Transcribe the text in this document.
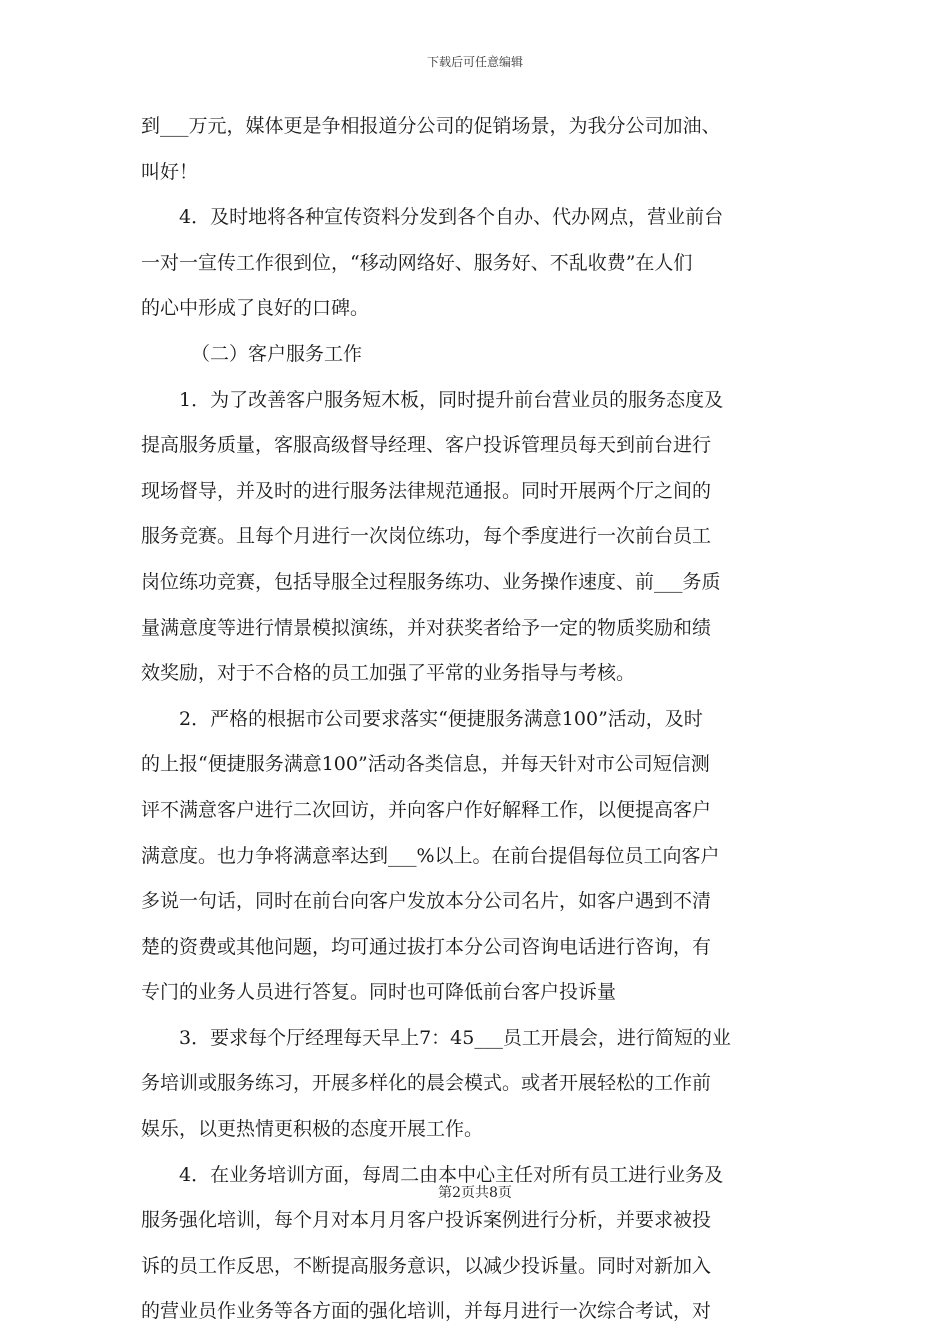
下载后可任意编辑
到___万元，媒体更是争相报道分公司的促销场景，为我分公司加油、
叫好！
4．及时地将各种宣传资料分发到各个自办、代办网点，营业前台
一对一宣传工作很到位，“移动网络好、服务好、不乱收费”在人们
的心中形成了良好的口碑。
（二）客户服务工作
1．为了改善客户服务短木板，同时提升前台营业员的服务态度及
提高服务质量，客服高级督导经理、客户投诉管理员每天到前台进行
现场督导，并及时的进行服务法律规范通报。同时开展两个厅之间的
服务竞赛。且每个月进行一次岗位练功，每个季度进行一次前台员工
岗位练功竞赛，包括导服全过程服务练功、业务操作速度、前___务质
量满意度等进行情景模拟演练，并对获奖者给予一定的物质奖励和绩
效奖励，对于不合格的员工加强了平常的业务指导与考核。
2．严格的根据市公司要求落实“便捷服务满意100”活动，及时
的上报“便捷服务满意100”活动各类信息，并每天针对市公司短信测
评不满意客户进行二次回访，并向客户作好解释工作，以便提高客户
满意度。也力争将满意率达到___%以上。在前台提倡每位员工向客户
多说一句话，同时在前台向客户发放本分公司名片，如客户遇到不清
楚的资费或其他问题，均可通过拔打本分公司咨询电话进行咨询，有
专门的业务人员进行答复。同时也可降低前台客户投诉量
3．要求每个厅经理每天早上7：45___员工开晨会，进行简短的业
务培训或服务练习，开展多样化的晨会模式。或者开展轻松的工作前
娱乐，以更热情更积极的态度开展工作。
4．在业务培训方面，每周二由本中心主任对所有员工进行业务及
服务强化培训，每个月对本月月客户投诉案例进行分析，并要求被投
诉的员工作反思，不断提高服务意识，以减少投诉量。同时对新加入
的营业员作业务等各方面的强化培训，并每月进行一次综合考试，对
第2页共8页
